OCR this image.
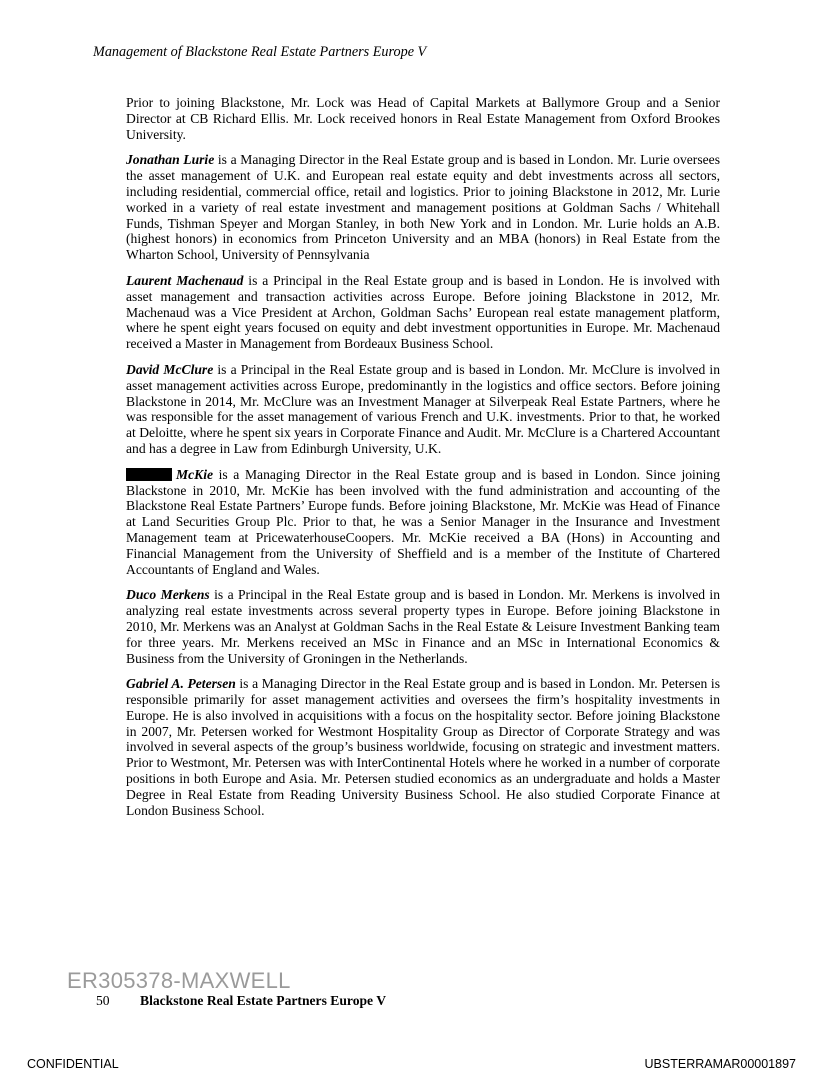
Management of Blackstone Real Estate Partners Europe V

Prior to joining Blackstone, Mr. Lock was Head of Capital Markets at Ballymore Group and a Senior Director at CB Richard Ellis. Mr. Lock received honors in Real Estate Management from Oxford Brookes University.

Jonathan Lurie is a Managing Director in the Real Estate group and is based in London. Mr. Lurie oversees the asset management of U.K. and European real estate equity and debt investments across all sectors, including residential, commercial office, retail and logistics. Prior to joining Blackstone in 2012, Mr. Lurie worked in a variety of real estate investment and management positions at Goldman Sachs / Whitehall Funds, Tishman Speyer and Morgan Stanley, in both New York and in London. Mr. Lurie holds an A.B. (highest honors) in economics from Princeton University and an MBA (honors) in Real Estate from the Wharton School, University of Pennsylvania

Laurent Machenaud is a Principal in the Real Estate group and is based in London. He is involved with asset management and transaction activities across Europe. Before joining Blackstone in 2012, Mr. Machenaud was a Vice President at Archon, Goldman Sachs’ European real estate management platform, where he spent eight years focused on equity and debt investment opportunities in Europe. Mr. Machenaud received a Master in Management from Bordeaux Business School.

David McClure is a Principal in the Real Estate group and is based in London. Mr. McClure is involved in asset management activities across Europe, predominantly in the logistics and office sectors. Before joining Blackstone in 2014, Mr. McClure was an Investment Manager at Silverpeak Real Estate Partners, where he was responsible for the asset management of various French and U.K. investments. Prior to that, he worked at Deloitte, where he spent six years in Corporate Finance and Audit. Mr. McClure is a Chartered Accountant and has a degree in Law from Edinburgh University, U.K.

McKie is a Managing Director in the Real Estate group and is based in London. Since joining Blackstone in 2010, Mr. McKie has been involved with the fund administration and accounting of the Blackstone Real Estate Partners’ Europe funds. Before joining Blackstone, Mr. McKie was Head of Finance at Land Securities Group Plc. Prior to that, he was a Senior Manager in the Insurance and Investment Management team at PricewaterhouseCoopers. Mr. McKie received a BA (Hons) in Accounting and Financial Management from the University of Sheffield and is a member of the Institute of Chartered Accountants of England and Wales.

Duco Merkens is a Principal in the Real Estate group and is based in London. Mr. Merkens is involved in analyzing real estate investments across several property types in Europe. Before joining Blackstone in 2010, Mr. Merkens was an Analyst at Goldman Sachs in the Real Estate & Leisure Investment Banking team for three years. Mr. Merkens received an MSc in Finance and an MSc in International Economics & Business from the University of Groningen in the Netherlands.

Gabriel A. Petersen is a Managing Director in the Real Estate group and is based in London. Mr. Petersen is responsible primarily for asset management activities and oversees the firm’s hospitality investments in Europe. He is also involved in acquisitions with a focus on the hospitality sector. Before joining Blackstone in 2007, Mr. Petersen worked for Westmont Hospitality Group as Director of Corporate Strategy and was involved in several aspects of the group’s business worldwide, focusing on strategic and investment matters. Prior to Westmont, Mr. Petersen was with InterContinental Hotels where he worked in a number of corporate positions in both Europe and Asia. Mr. Petersen studied economics as an undergraduate and holds a Master Degree in Real Estate from Reading University Business School. He also studied Corporate Finance at London Business School.

ER305378-MAXWELL
50 Blackstone Real Estate Partners Europe V
CONFIDENTIAL	UBSTERRAMAR00001897
